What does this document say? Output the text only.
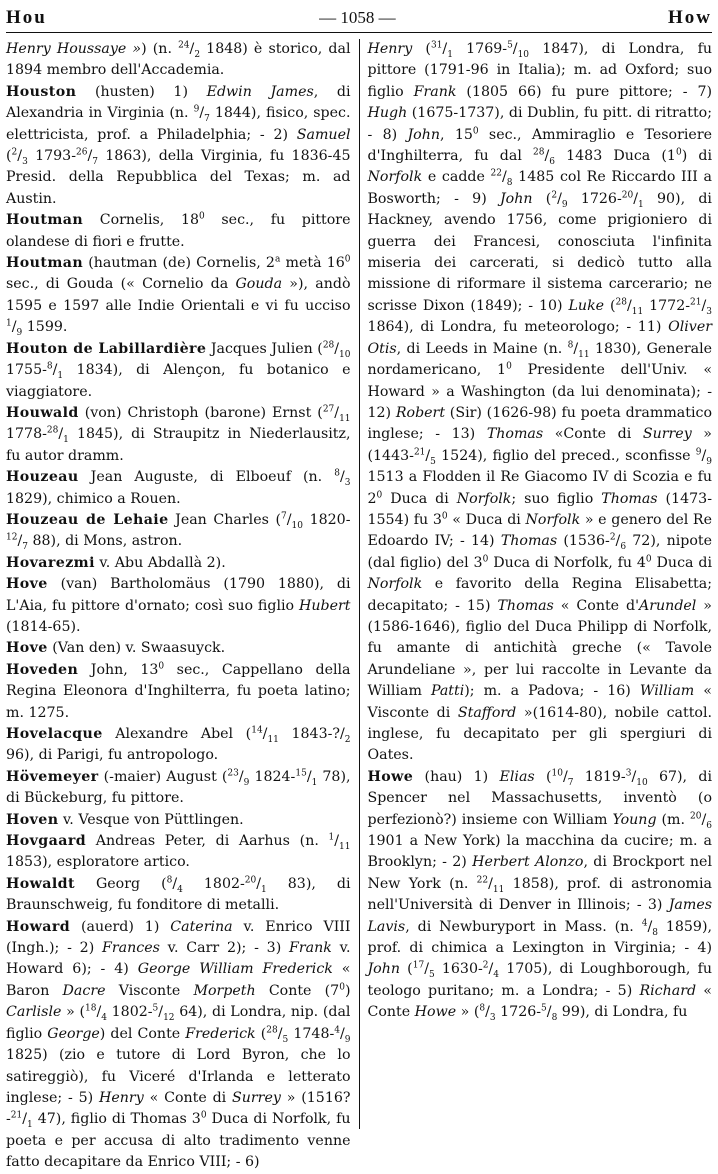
Hou	— 1058 —	How

Henry Houssaye ») (n. $^{24}/_2$ 1848) è storico, dal 1894 membro dell'Accademia.

Houston (husten) 1) Edwin James, di Alexandria in Virginia (n. $^9/_7$ 1844), fisico, spec. elettricista, prof. a Philadelphia; - 2) Samuel ($^2/_3$ $1793-^{26}/_7$ 1863), della Virginia, fu 1836-45 Presid. della Repubblica del Texas; m. ad Austin.

Houtman Cornelis, $18^0$ sec., fu pittore olandese di fiori e frutte.

Houtman (hautman (de) Cornelis, 2$^a$ metà $16^0$ sec., di Gouda (« Cornelio da Gouda »), andò 1595 e 1597 alle Indie Orientali e vi fu ucciso $^1/_9$ 1599.

Houton de Labillardière Jacques Julien ($^{28}/_{10}$ $1755-^8/_1$ 1834), di Alençon, fu botanico e viaggiatore.

Houwald (von) Christoph (barone) Ernst ($^{27}/_{11}$ $1778-^{28}/_1$ 1845), di Straupitz in Niederlausitz, fu autor dramm.

Houzeau Jean Auguste, di Elboeuf (n. $^8/_3$ 1829), chimico a Rouen.

Houzeau de Lehaie Jean Charles ($^7/_{10}$ $1820-^{12}/_7$ 88), di Mons, astron.

Hovarezmi v. Abu Abdallà 2).

Hove (van) Bartholomäus (1790 1880), di L'Aia, fu pittore d'ornato; così suo figlio Hubert (1814-65).

Hove (Van den) v. Swaasuyck.

Hoveden John, $13^0$ sec., Cappellano della Regina Eleonora d'Inghilterra, fu poeta latino; m. 1275.

Hovelacque Alexandre Abel ($^{14}/_{11}$ $1843-?/_2$ 96), di Parigi, fu antropologo.

Hövemeyer (-maier) August ($^{23}/_9$ $1824-^{15}/_1$ 78), di Bückeburg, fu pittore.

Hoven v. Vesque von Püttlingen.

Hovgaard Andreas Peter, di Aarhus (n. $^1/_{11}$ 1853), esploratore artico.

Howaldt Georg ($^8/_4$ $1802-^{20}/_1$ 83), di Braunschweig, fu fonditore di metalli.

Howard (auerd) 1) Caterina v. Enrico VIII (Ingh.); - 2) Frances v. Carr 2); - 3) Frank v. Howard 6); - 4) George William Frederick « Baron Dacre Visconte Morpeth Conte $(7^0)$ Carlisle » ($^{18}/_4$ $1802-^5/_{12}$ 64), di Londra, nip. (dal figlio George) del Conte Frederick ($^{28}/_5$ $1748-^4/_9$ 1825) (zio e tutore di Lord Byron, che lo satireggiò), fu Viceré d'Irlanda e letterato inglese; - 5) Henry « Conte di Surrey » ($1516?-^{21}/_1$ 47), figlio di Thomas $3^0$ Duca di Norfolk, fu poeta e per accusa di alto tradimento venne fatto decapitare da Enrico VIII; - 6)

Henry ($^{31}/_1$ $1769-^5/_{10}$ 1847), di Londra, fu pittore (1791-96 in Italia); m. ad Oxford; suo figlio Frank (1805 66) fu pure pittore; - 7) Hugh (1675-1737), di Dublin, fu pitt. di ritratto; - 8) John, $15^0$ sec., Ammiraglio e Tesoriere d'Inghilterra, fu dal $^{28}/_6$ 1483 Duca $(1^0)$ di Norfolk e cadde $^{22}/_8$ 1485 col Re Riccardo III a Bosworth; - 9) John ($^2/_9$ $1726-^{20}/_1$ 90), di Hackney, avendo 1756, come prigioniero di guerra dei Francesi, conosciuta l'infinita miseria dei carcerati, si dedicò tutto alla missione di riformare il sistema carcerario; ne scrisse Dixon (1849); - 10) Luke ($^{28}/_{11}$ $1772-^{21}/_3$ 1864), di Londra, fu meteorologo; - 11) Oliver Otis, di Leeds in Maine (n. $^8/_{11}$ 1830), Generale nordamericano, $1^0$ Presidente dell'Univ. « Howard » a Washington (da lui denominata); - 12) Robert (Sir) (1626-98) fu poeta drammatico inglese; - 13) Thomas «Conte di Surrey » ($1443-^{21}/_5$ 1524), figlio del preced., sconfisse $^9/_9$ 1513 a Flodden il Re Giacomo IV di Scozia e fu $2^0$ Duca di Norfolk; suo figlio Thomas (1473-1554) fu $3^0$ « Duca di Norfolk » e genero del Re Edoardo IV; - 14) Thomas ($1536-^2/_6$ 72), nipote (dal figlio) del $3^0$ Duca di Norfolk, fu $4^0$ Duca di Norfolk e favorito della Regina Elisabetta; decapitato; - 15) Thomas « Conte d'Arundel » (1586-1646), figlio del Duca Philipp di Norfolk, fu amante di antichità greche (« Tavole Arundeliane », per lui raccolte in Levante da William Patti); m. a Padova; - 16) William « Visconte di Stafford »(1614-80), nobile cattol. inglese, fu decapitato per gli spergiuri di Oates.

Howe (hau) 1) Elias ($^{10}/_7$ $1819-^3/_{10}$ 67), di Spencer nel Massachusetts, inventò (o perfezionò?) insieme con William Young (m. $^{20}/_6$ 1901 a New York) la macchina da cucire; m. a Brooklyn; - 2) Herbert Alonzo, di Brockport nel New York (n. $^{22}/_{11}$ 1858), prof. di astronomia nell'Università di Denver in Illinois; - 3) James Lavis, di Newburyport in Mass. (n. $^4/_8$ 1859), prof. di chimica a Lexington in Virginia; - 4) John ($^{17}/_5$ $1630-^2/_4$ 1705), di Loughborough, fu teologo puritano; m. a Londra; - 5) Richard « Conte Howe » ($^8/_3$ $1726-^5/_8$ 99), di Londra, fu
